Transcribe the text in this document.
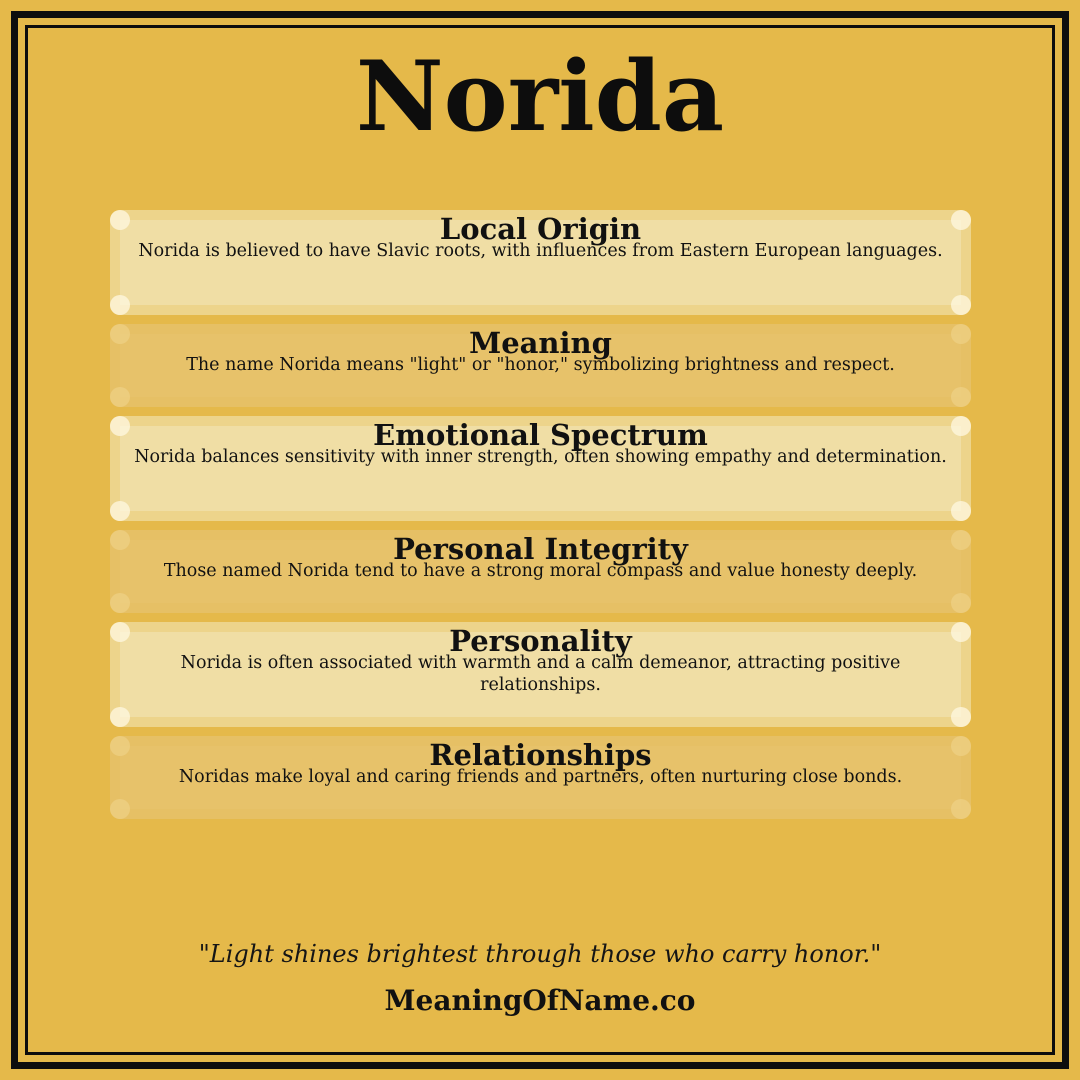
Norida
Local Origin

Norida is believed to have Slavic roots, with influences from Eastern European languages.

Meaning

The name Norida means "light" or "honor," symbolizing brightness and respect.

Emotional Spectrum

Norida balances sensitivity with inner strength, often showing empathy and determination.

Personal Integrity

Those named Norida tend to have a strong moral compass and value honesty deeply.

Personality

Norida is often associated with warmth and a calm demeanor, attracting positive relationships.

Relationships

Noridas make loyal and caring friends and partners, often nurturing close bonds.

"Light shines brightest through those who carry honor."
MeaningOfName.co
